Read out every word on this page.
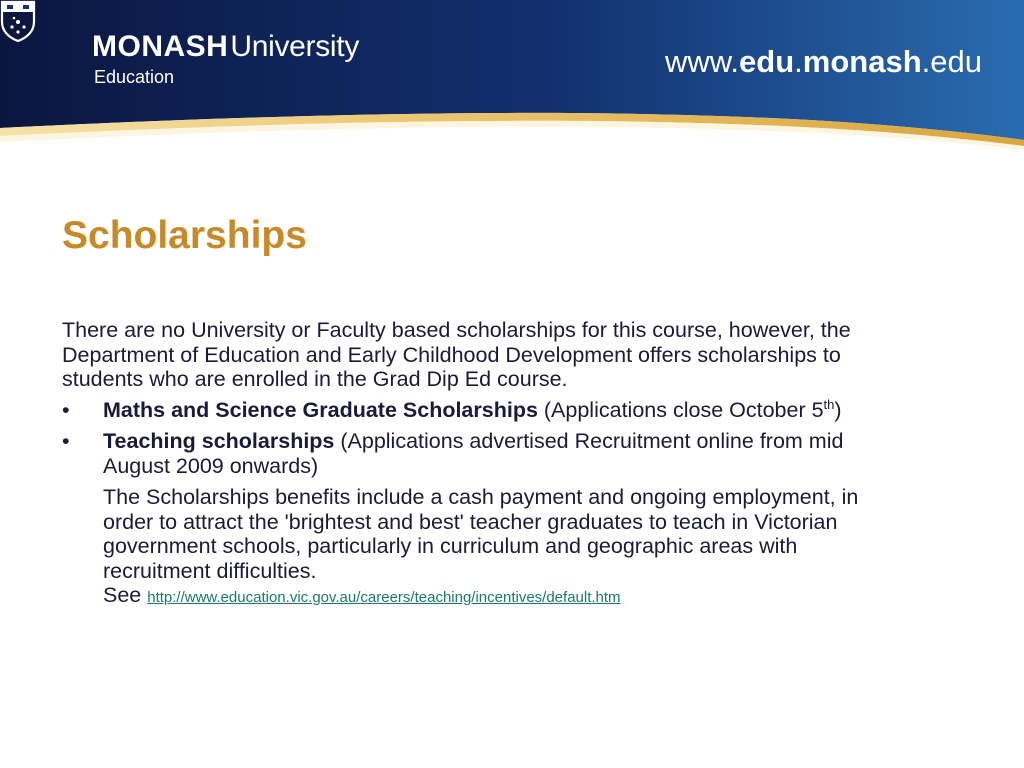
MONASHUniversity
Education	www.edu.monash.edu
Scholarships

There are no University or Faculty based scholarships for this course, however, the Department of Education and Early Childhood Development offers scholarships to students who are enrolled in the Grad Dip Ed course.

• Maths and Science Graduate Scholarships (Applications close October 5th)
• Teaching scholarships (Applications advertised Recruitment online from mid August 2009 onwards)

The Scholarships benefits include a cash payment and ongoing employment, in order to attract the 'brightest and best' teacher graduates to teach in Victorian government schools, particularly in curriculum and geographic areas with recruitment difficulties.

See http://www.education.vic.gov.au/careers/teaching/incentives/default.htm
